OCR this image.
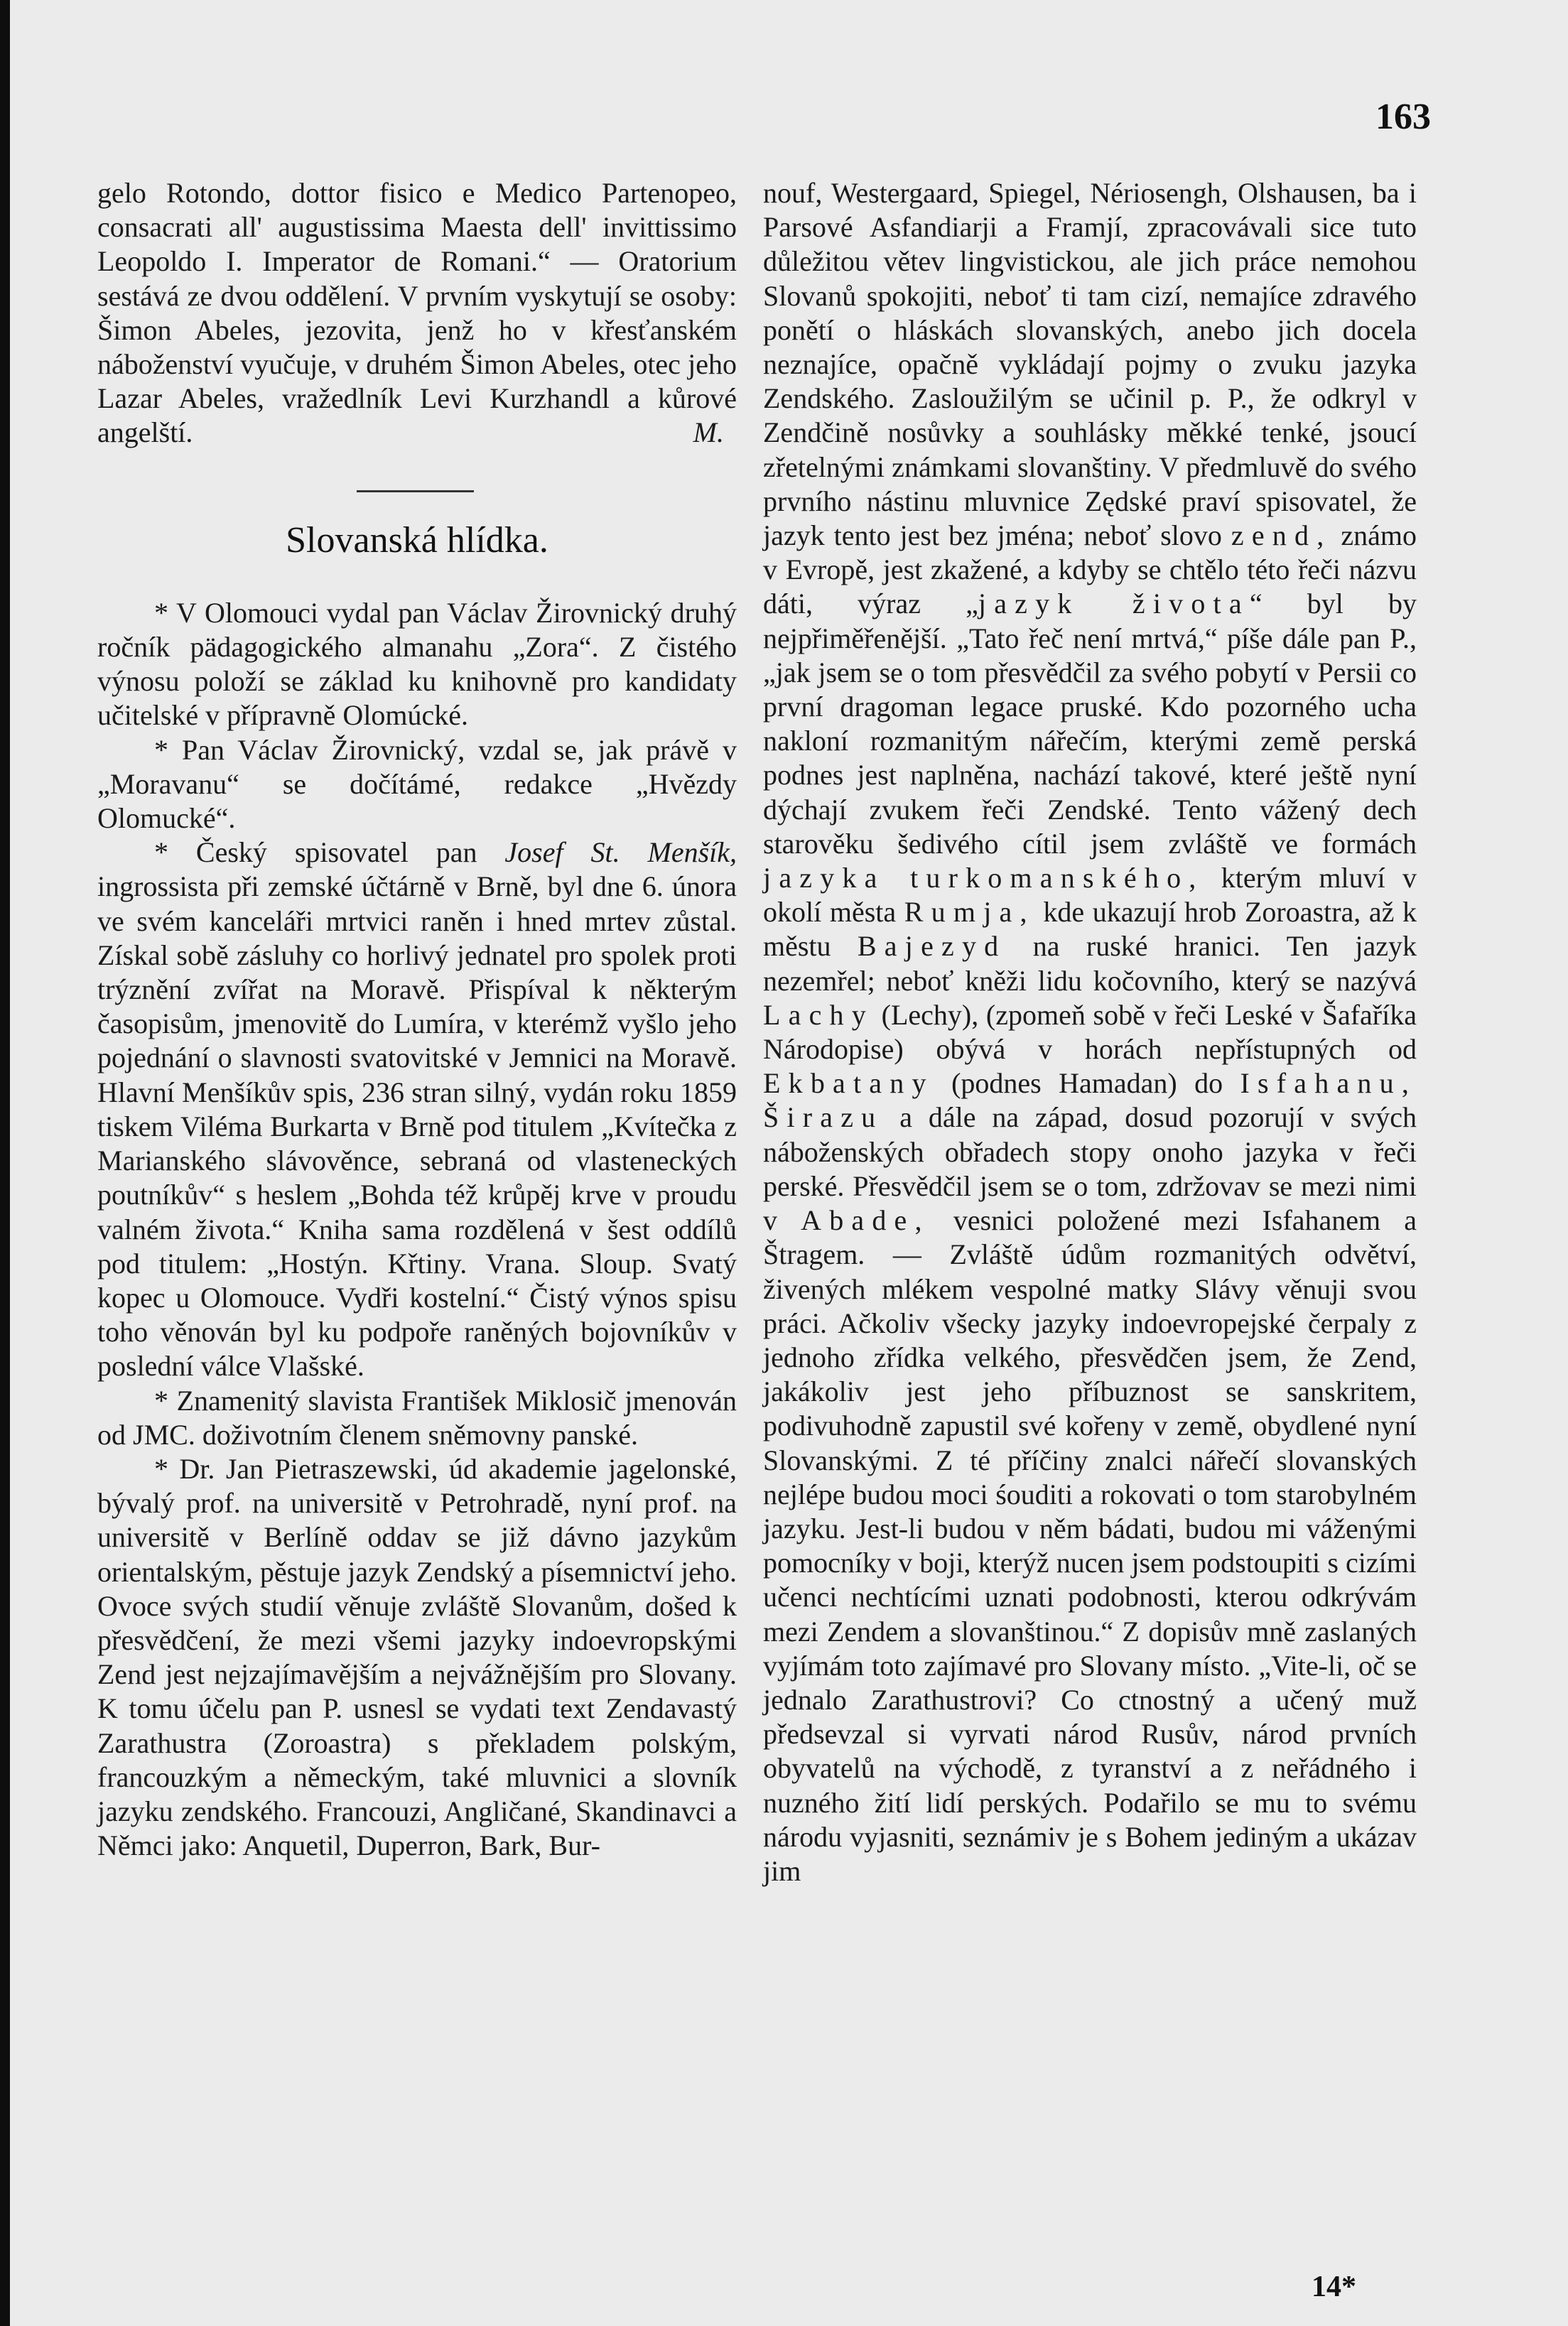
163

gelo Rotondo, dottor fisico e Medico Partenopeo, consacrati all' augustissima Maesta dell' invittissimo Leopoldo I. Imperator de Romani.“ — Oratorium sestává ze dvou oddělení. V prvním vyskytují se osoby: Šimon Abeles, jezovita, jenž ho v křesťanském náboženství vyučuje, v druhém Šimon Abeles, otec jeho Lazar Abeles, vražedlník Levi Kurzhandl a kůrové angelští.	M.
Slovanská hlídka.

* V Olomouci vydal pan Václav Žirovnický druhý ročník pädagogického almanahu „Zora“. Z čistého výnosu položí se základ ku knihovně pro kandidaty učitelské v přípravně Olomúcké.

* Pan Václav Žirovnický, vzdal se, jak právě v „Moravanu“ se dočítámé, redakce „Hvězdy Olomucké“.

* Český spisovatel pan Josef St. Menšík, ingrossista při zemské účtárně v Brně, byl dne 6. února ve svém kanceláři mrtvici raněn i hned mrtev zůstal. Získal sobě zásluhy co horlivý jednatel pro spolek proti trýznění zvířat na Moravě. Přispíval k některým časopisům, jmenovitě do Lumíra, v kterémž vyšlo jeho pojednání o slavnosti svatovitské v Jemnici na Moravě. Hlavní Menšíkův spis, 236 stran silný, vydán roku 1859 tiskem Viléma Burkarta v Brně pod titulem „Kvítečka z Marianského slávověnce, sebraná od vlasteneckých poutníkův“ s heslem „Bohda též krůpěj krve v proudu valném života.“ Kniha sama rozdělená v šest oddílů pod titulem: „Hostýn. Křtiny. Vrana. Sloup. Svatý kopec u Olomouce. Vydři kostelní.“ Čistý výnos spisu toho věnován byl ku podpoře raněných bojovníkův v poslední válce Vlašské.

* Znamenitý slavista František Miklosič jmenován od JMC. doživotním členem sněmovny panské.

* Dr. Jan Pietraszewski, úd akademie jagelonské, bývalý prof. na universitě v Petrohradě, nyní prof. na universitě v Berlíně oddav se již dávno jazykům orientalským, pěstuje jazyk Zendský a písemnictví jeho. Ovoce svých studií věnuje zvláště Slovanům, došed k přesvědčení, že mezi všemi jazyky indoevropskými Zend jest nejzajímavějším a nejvážnějším pro Slovany. K tomu účelu pan P. usnesl se vydati text Zendavastý Zarathustra (Zoroastra) s překladem polským, francouzkým a německým, také mluvnici a slovník jazyku zendského. Francouzi, Angličané, Skandinavci a Němci jako: Anquetil, Duperron, Bark, Bur-

nouf, Westergaard, Spiegel, Nériosengh, Olshausen, ba i Parsové Asfandiarji a Framjí, zpracovávali sice tuto důležitou větev lingvistickou, ale jich práce nemohou Slovanů spokojiti, neboť ti tam cizí, nemajíce zdravého ponětí o hláskách slovanských, anebo jich docela neznajíce, opačně vykládají pojmy o zvuku jazyka Zendského. Zasloužilým se učinil p. P., že odkryl v Zendčině nosůvky a souhlásky měkké tenké, jsoucí zřetelnými známkami slovanštiny. V předmluvě do svého prvního nástinu mluvnice Zędské praví spisovatel, že jazyk tento jest bez jména; neboť slovo zend, známo v Evropě, jest zkažené, a kdyby se chtělo této řeči názvu dáti, výraz „jazyk života“ byl by nejpřiměřenější. „Tato řeč není mrtvá,“ píše dále pan P., „jak jsem se o tom přesvědčil za svého pobytí v Persii co první dragoman legace pruské. Kdo pozorného ucha nakloní rozmanitým nářečím, kterými země perská podnes jest naplněna, nachází takové, které ještě nyní dýchají zvukem řeči Zendské. Tento vážený dech starověku šedivého cítil jsem zvláště ve formách jazyka turkomanského, kterým mluví v okolí města Rumja, kde ukazují hrob Zoroastra, až k městu Bajezyd na ruské hranici. Ten jazyk nezemřel; neboť kněži lidu kočovního, který se nazývá Lachy (Lechy), (zpomeň sobě v řeči Leské v Šafaříka Národopise) obývá v horách nepřístupných od Ekbatany (podnes Hamadan) do Isfahanu, Širazu a dále na západ, dosud pozorují v svých náboženských obřadech stopy onoho jazyka v řeči perské. Přesvědčil jsem se o tom, zdržovav se mezi nimi v Abade, vesnici položené mezi Isfahanem a Štragem. — Zvláště údům rozmanitých odvětví, živených mlékem vespolné matky Slávy věnuji svou práci. Ačkoliv všecky jazyky indoevropejské čerpaly z jednoho zřídka velkého, přesvědčen jsem, že Zend, jakákoliv jest jeho příbuznost se sanskritem, podivuhodně zapustil své kořeny v země, obydlené nyní Slovanskými. Z té příčiny znalci nářečí slovanských nejlépe budou moci śouditi a rokovati o tom starobylném jazyku. Jest-li budou v něm bádati, budou mi váženými pomocníky v boji, kterýž nucen jsem podstoupiti s cizími učenci nechtícími uznati podobnosti, kterou odkrývám mezi Zendem a slovanštinou.“ Z dopisův mně zaslaných vyjímám toto zajímavé pro Slovany místo. „Vite-li, oč se jednalo Zarathustrovi? Co ctnostný a učený muž předsevzal si vyrvati národ Rusův, národ prvních obyvatelů na východě, z tyranství a z neřádného i nuzného žití lidí perských. Podařilo se mu to svému národu vyjasniti, seznámiv je s Bohem jediným a ukázav jim

14*
